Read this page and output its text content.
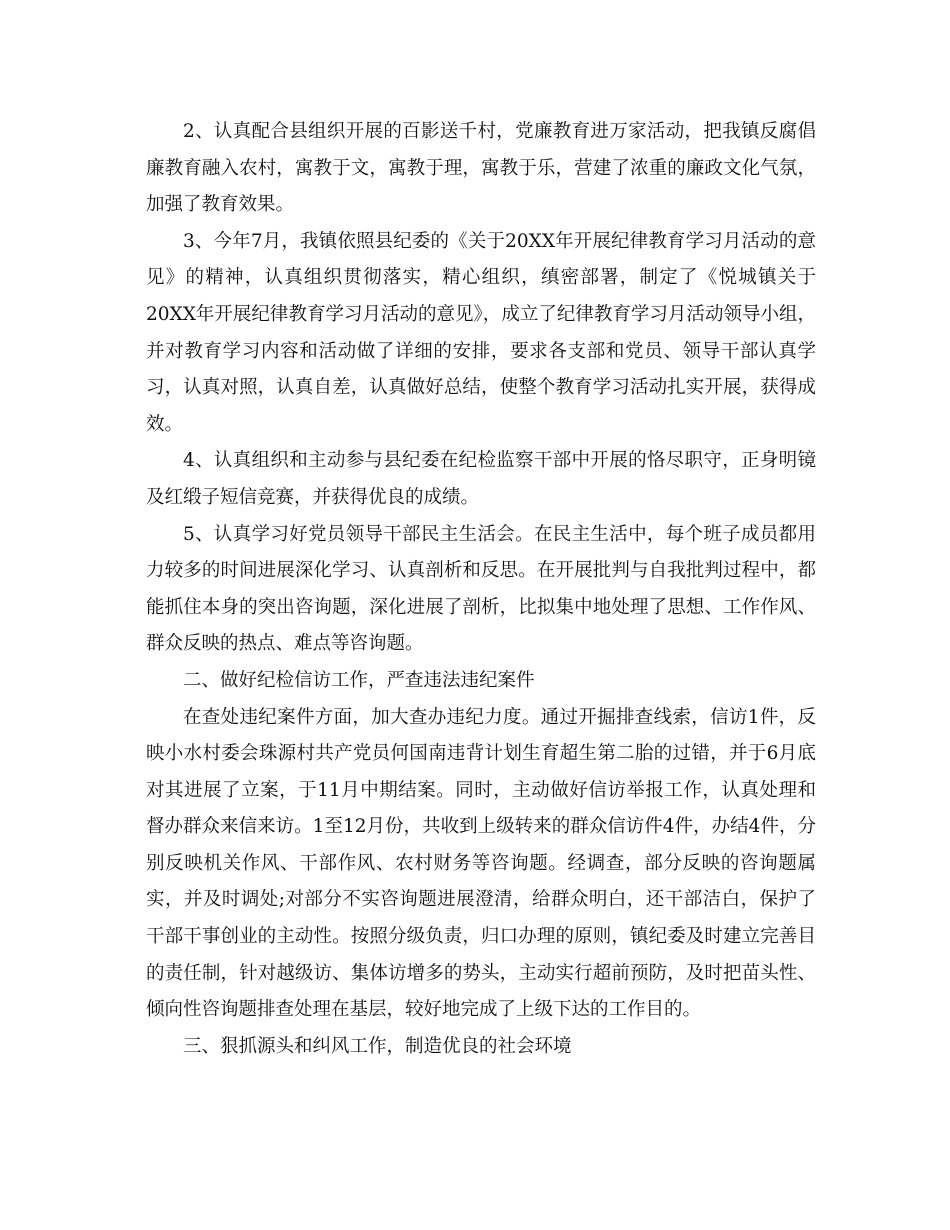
2、认真配合县组织开展的百影送千村，党廉教育进万家活动，把我镇反腐倡廉教育融入农村，寓教于文，寓教于理，寓教于乐，营建了浓重的廉政文化气氛，加强了教育效果。

3、今年7月，我镇依照县纪委的《关于20XX年开展纪律教育学习月活动的意见》的精神，认真组织贯彻落实，精心组织，缜密部署，制定了《悦城镇关于20XX年开展纪律教育学习月活动的意见》，成立了纪律教育学习月活动领导小组，并对教育学习内容和活动做了详细的安排，要求各支部和党员、领导干部认真学习，认真对照，认真自差，认真做好总结，使整个教育学习活动扎实开展，获得成效。

4、认真组织和主动参与县纪委在纪检监察干部中开展的恪尽职守，正身明镜及红缎子短信竞赛，并获得优良的成绩。

5、认真学习好党员领导干部民主生活会。在民主生活中，每个班子成员都用力较多的时间进展深化学习、认真剖析和反思。在开展批判与自我批判过程中，都能抓住本身的突出咨询题，深化进展了剖析，比拟集中地处理了思想、工作作风、群众反映的热点、难点等咨询题。

二、做好纪检信访工作，严查违法违纪案件

在查处违纪案件方面，加大查办违纪力度。通过开掘排查线索，信访1件，反映小水村委会珠源村共产党员何国南违背计划生育超生第二胎的过错，并于6月底对其进展了立案，于11月中期结案。同时，主动做好信访举报工作，认真处理和督办群众来信来访。1至12月份，共收到上级转来的群众信访件4件，办结4件，分别反映机关作风、干部作风、农村财务等咨询题。经调查，部分反映的咨询题属实，并及时调处;对部分不实咨询题进展澄清，给群众明白，还干部洁白，保护了干部干事创业的主动性。按照分级负责，归口办理的原则，镇纪委及时建立完善目的责任制，针对越级访、集体访增多的势头，主动实行超前预防，及时把苗头性、倾向性咨询题排查处理在基层，较好地完成了上级下达的工作目的。

三、狠抓源头和纠风工作，制造优良的社会环境
